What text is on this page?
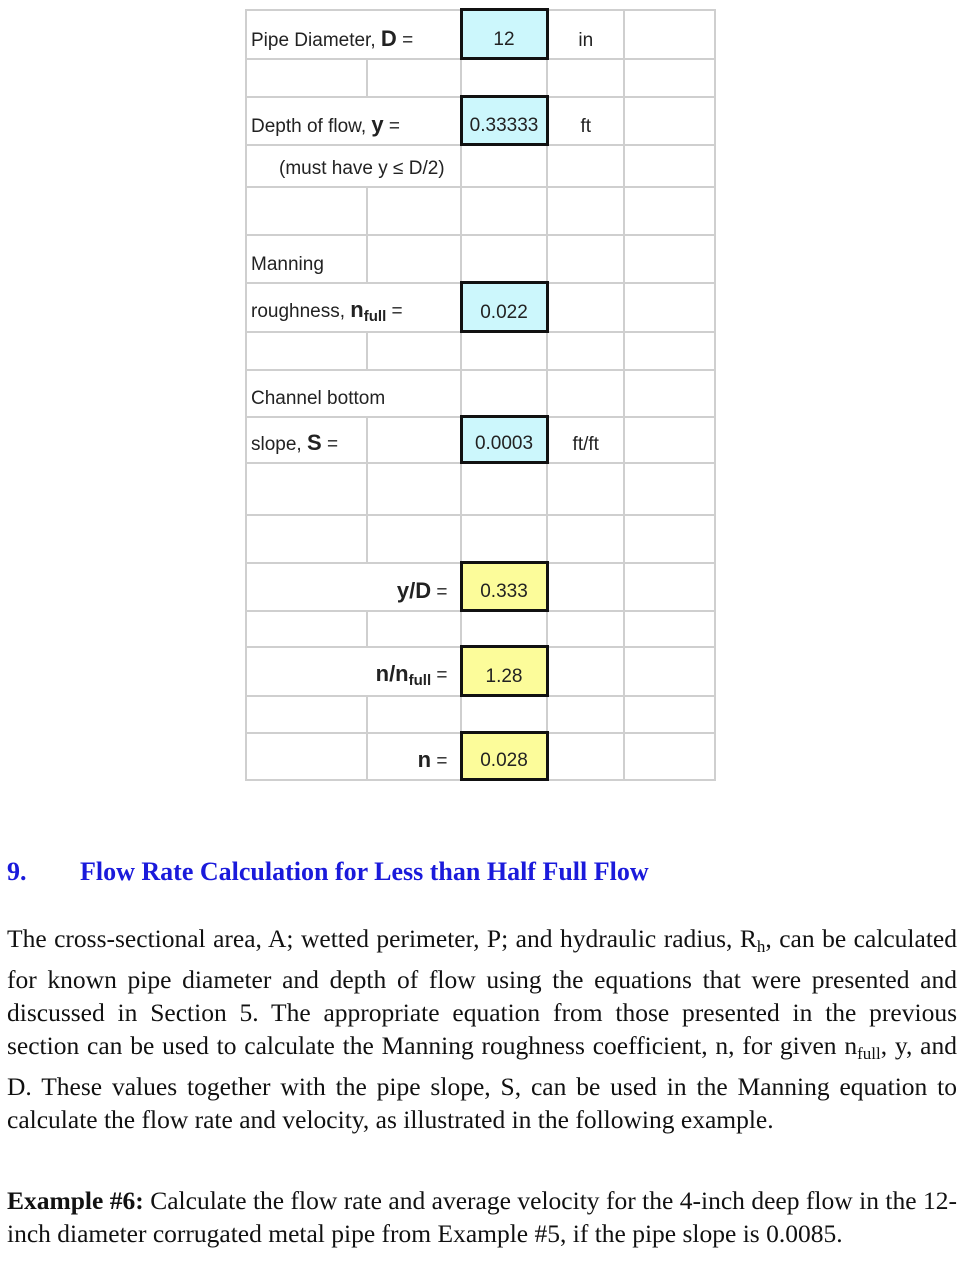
Pipe Diameter, D =		12	in	

Depth of flow, y =		0.33333	ft	
(must have y ≤ D/2)				

Manning				
roughness, $n_{full}$ =		0.022		

Channel bottom				
slope, S =		0.0003	ft/ft	

y/D =		0.333		

$n/n_{full}$ =		1.28		

	n =	0.028		
9. Flow Rate Calculation for Less than Half Full Flow
The cross-sectional area, A; wetted perimeter, P; and hydraulic radius, $R_h$, can be calculated for known pipe diameter and depth of flow using the equations that were presented and discussed in Section 5. The appropriate equation from those presented in the previous section can be used to calculate the Manning roughness coefficient, n, for given $n_{full}$, y, and D. These values together with the pipe slope, S, can be used in the Manning equation to calculate the flow rate and velocity, as illustrated in the following example.
Example #6: Calculate the flow rate and average velocity for the 4-inch deep flow in the 12-inch diameter corrugated metal pipe from Example #5, if the pipe slope is 0.0085.
